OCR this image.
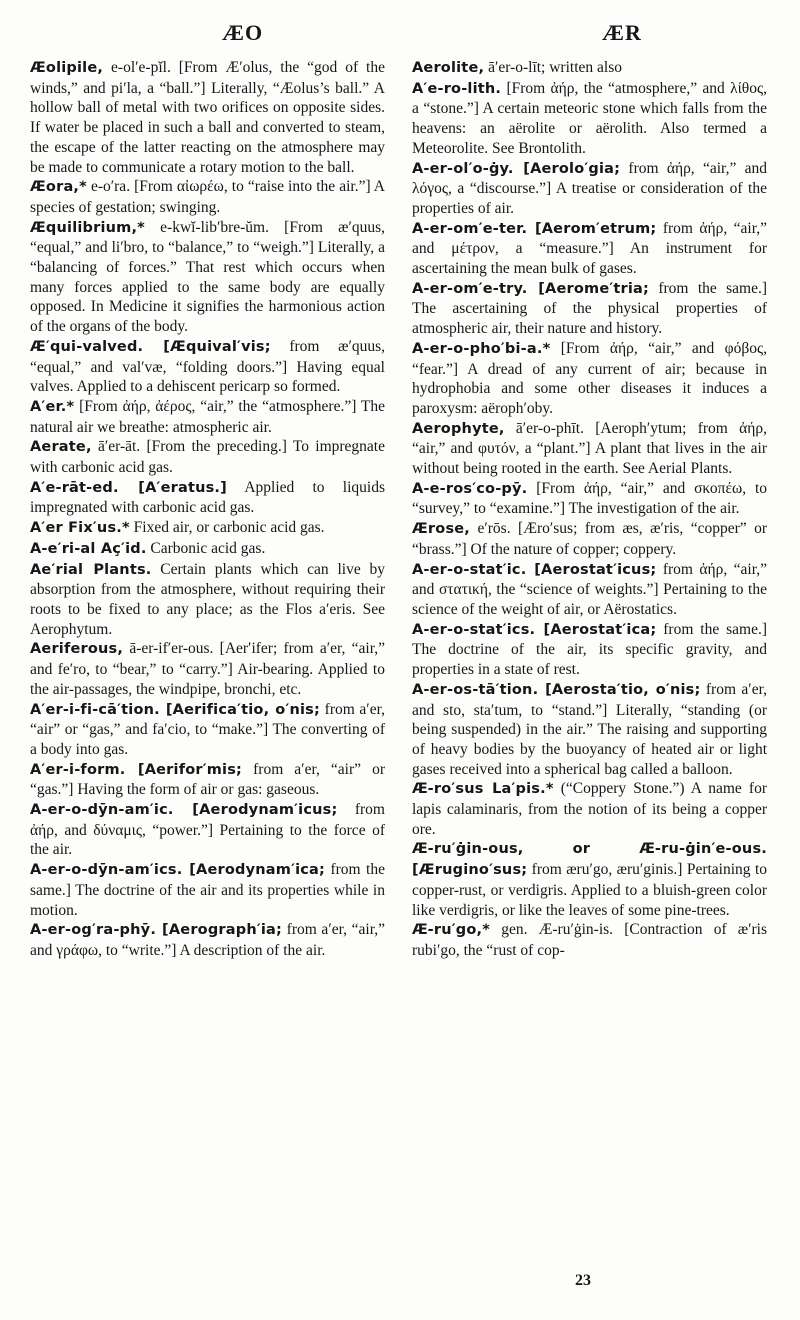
ÆO	ÆR

Æolipile, e-ol′e-pĭl. [From Æ′olus, the “god of the winds,” and pi′la, a “ball.”] Literally, “Æolus’s ball.” A hollow ball of metal with two orifices on opposite sides. If water be placed in such a ball and converted to steam, the escape of the latter reacting on the atmosphere may be made to communicate a rotary motion to the ball.

Æora,* e-o′ra. [From αἰωρέω, to “raise into the air.”] A species of gestation; swinging.

Æquilibrium,* e-kwĭ-lib′bre-ŭm. [From æ′quus, “equal,” and li′bro, to “balance,” to “weigh.”] Literally, a “balancing of forces.” That rest which occurs when many forces applied to the same body are equally opposed. In Medicine it signifies the harmonious action of the organs of the body.

Æ′qui-valved. [Æquival′vis; from æ′quus, “equal,” and val′væ, “folding doors.”] Having equal valves. Applied to a dehiscent pericarp so formed.

A′er.* [From ἀήρ, ἀέρος, “air,” the “atmosphere.”] The natural air we breathe: atmospheric air.

Aerate, ā′er-āt. [From the preceding.] To impregnate with carbonic acid gas.

A′e-rāt-ed. [A′eratus.] Applied to liquids impregnated with carbonic acid gas.

A′er Fix′us.* Fixed air, or carbonic acid gas.

A-e′ri-al Aç′id. Carbonic acid gas.

Ae′rial Plants. Certain plants which can live by absorption from the atmosphere, without requiring their roots to be fixed to any place; as the Flos a′eris. See Aerophytum.

Aeriferous, ā-er-if′er-ous. [Aer′ifer; from a′er, “air,” and fe′ro, to “bear,” to “carry.”] Air-bearing. Applied to the air-passages, the windpipe, bronchi, etc.

A′er-i-fi-cā′tion. [Aerifica′tio, o′nis; from a′er, “air” or “gas,” and fa′cio, to “make.”] The converting of a body into gas.

A′er-i-form. [Aerifor′mis; from a′er, “air” or “gas.”] Having the form of air or gas: gaseous.

A-er-o-dȳn-am′ic. [Aerodynam′icus; from ἀήρ, and δύναμις, “power.”] Pertaining to the force of the air.

A-er-o-dȳn-am′ics. [Aerodynam′ica; from the same.] The doctrine of the air and its properties while in motion.

A-er-og′ra-phȳ. [Aerograph′ia; from a′er, “air,” and γράφω, to “write.”] A description of the air.

Aerolite, ā′er-o-līt; written also

A′e-ro-lith. [From ἀήρ, the “atmosphere,” and λίθος, a “stone.”] A certain meteoric stone which falls from the heavens: an aërolite or aërolith. Also termed a Meteorolite. See Brontolith.

A-er-ol′o-ġy. [Aerolo′gia; from ἀήρ, “air,” and λόγος, a “discourse.”] A treatise or consideration of the properties of air.

A-er-om′e-ter. [Aerom′etrum; from ἀήρ, “air,” and μέτρον, a “measure.”] An instrument for ascertaining the mean bulk of gases.

A-er-om′e-try. [Aerome′tria; from the same.] The ascertaining of the physical properties of atmospheric air, their nature and history.

A-er-o-pho′bi-a.* [From ἀήρ, “air,” and φόβος, “fear.”] A dread of any current of air; because in hydrophobia and some other diseases it induces a paroxysm: aëroph′oby.

Aerophyte, ā′er-o-phīt. [Aeroph′ytum; from ἀήρ, “air,” and φυτόν, a “plant.”] A plant that lives in the air without being rooted in the earth. See Aerial Plants.

A-e-ros′co-pȳ. [From ἀήρ, “air,” and σκοπέω, to “survey,” to “examine.”] The investigation of the air.

Ærose, e′rōs. [Æro′sus; from æs, æ′ris, “copper” or “brass.”] Of the nature of copper; coppery.

A-er-o-stat′ic. [Aerostat′icus; from ἀήρ, “air,” and στατική, the “science of weights.”] Pertaining to the science of the weight of air, or Aërostatics.

A-er-o-stat′ics. [Aerostat′ica; from the same.] The doctrine of the air, its specific gravity, and properties in a state of rest.

A-er-os-tā′tion. [Aerosta′tio, o′nis; from a′er, and sto, sta′tum, to “stand.”] Literally, “standing (or being suspended) in the air.” The raising and supporting of heavy bodies by the buoyancy of heated air or light gases received into a spherical bag called a balloon.

Æ-ro′sus La′pis.* (“Coppery Stone.”) A name for lapis calaminaris, from the notion of its being a copper ore.

Æ-ru′ġin-ous, or Æ-ru-ġin′e-ous. [Æruginо′sus; from æru′go, æru′ginis.] Pertaining to copper-rust, or verdigris. Applied to a bluish-green color like verdigris, or like the leaves of some pine-trees.

Æ-ru′go,* gen. Æ-ru′ġin-is. [Contraction of æ′ris rubi′go, the “rust of cop-

23
